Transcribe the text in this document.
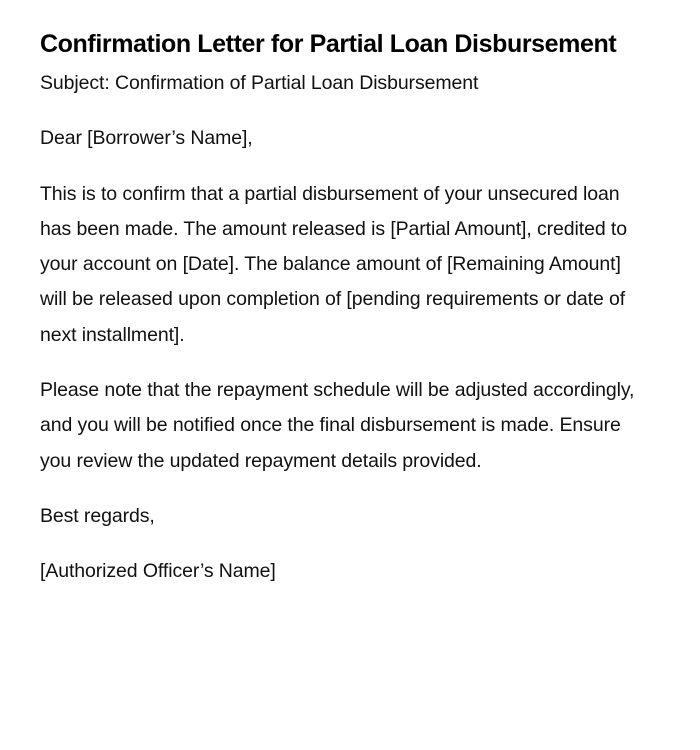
Confirmation Letter for Partial Loan Disbursement

Subject: Confirmation of Partial Loan Disbursement

Dear [Borrower’s Name],

This is to confirm that a partial disbursement of your unsecured loan has been made. The amount released is [Partial Amount], credited to your account on [Date]. The balance amount of [Remaining Amount] will be released upon completion of [pending requirements or date of next installment].

Please note that the repayment schedule will be adjusted accordingly, and you will be notified once the final disbursement is made. Ensure you review the updated repayment details provided.

Best regards,

[Authorized Officer’s Name]
